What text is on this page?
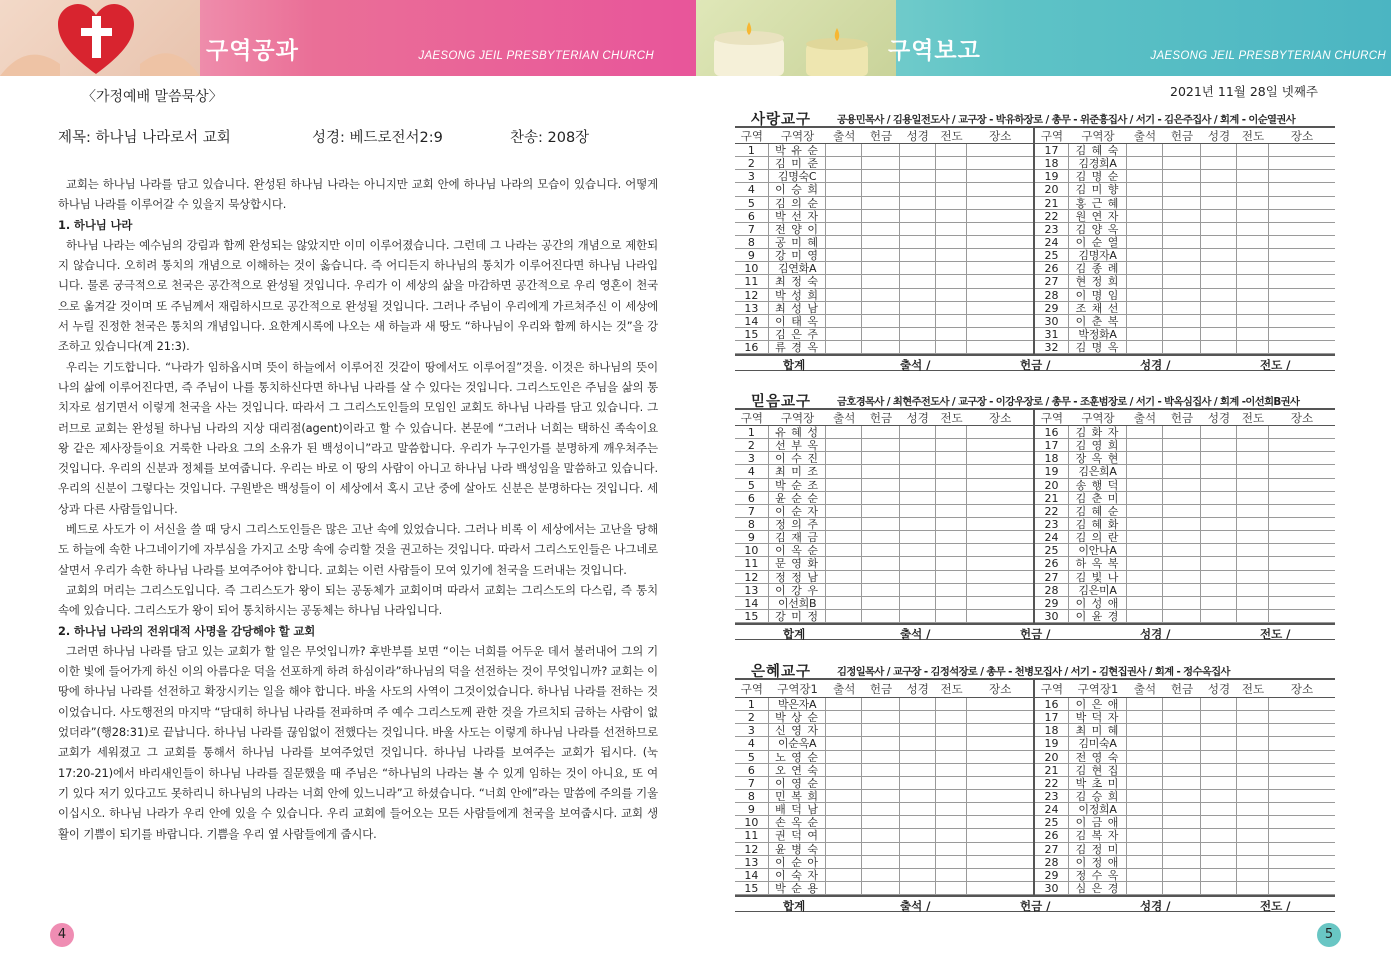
구역공과	JAESONG JEIL PRESBYTERIAN CHURCH	구역보고	JAESONG JEIL PRESBYTERIAN CHURCH
〈가정예배 말씀묵상〉
제목: 하나님 나라로서 교회	성경: 베드로전서2:9	찬송: 208장

교회는 하나님 나라를 담고 있습니다. 완성된 하나님 나라는 아니지만 교회 안에 하나님 나라의 모습이 있습니다. 어떻게 하나님 나라를 이루어갈 수 있을지 묵상합시다.

1. 하나님 나라

하나님 나라는 예수님의 강림과 함께 완성되는 않았지만 이미 이루어졌습니다. 그런데 그 나라는 공간의 개념으로 제한되지 않습니다. 오히려 통치의 개념으로 이해하는 것이 옳습니다. 즉 어디든지 하나님의 통치가 이루어진다면 하나님 나라입니다. 물론 궁극적으로 천국은 공간적으로 완성될 것입니다. 우리가 이 세상의 삶을 마감하면 공간적으로 우리 영혼이 천국으로 옮겨갈 것이며 또 주님께서 재림하시므로 공간적으로 완성될 것입니다. 그러나 주님이 우리에게 가르쳐주신 이 세상에서 누릴 진정한 천국은 통치의 개념입니다. 요한계시록에 나오는 새 하늘과 새 땅도 “하나님이 우리와 함께 하시는 것”을 강조하고 있습니다(계 21:3).

우리는 기도합니다. “나라가 임하옵시며 뜻이 하늘에서 이루어진 것같이 땅에서도 이루어질”것을. 이것은 하나님의 뜻이 나의 삶에 이루어진다면, 즉 주님이 나를 통치하신다면 하나님 나라를 살 수 있다는 것입니다. 그리스도인은 주님을 삶의 통치자로 섬기면서 이렇게 천국을 사는 것입니다. 따라서 그 그리스도인들의 모임인 교회도 하나님 나라를 담고 있습니다. 그러므로 교회는 완성될 하나님 나라의 지상 대리점(agent)이라고 할 수 있습니다. 본문에 “그러나 너희는 택하신 족속이요 왕 같은 제사장들이요 거룩한 나라요 그의 소유가 된 백성이니”라고 말씀합니다. 우리가 누구인가를 분명하게 깨우쳐주는 것입니다. 우리의 신분과 정체를 보여줍니다. 우리는 바로 이 땅의 사람이 아니고 하나님 나라 백성임을 말씀하고 있습니다. 우리의 신분이 그렇다는 것입니다. 구원받은 백성들이 이 세상에서 혹시 고난 중에 살아도 신분은 분명하다는 것입니다. 세상과 다른 사람들입니다.

베드로 사도가 이 서신을 쓸 때 당시 그리스도인들은 많은 고난 속에 있었습니다. 그러나 비록 이 세상에서는 고난을 당해도 하늘에 속한 나그네이기에 자부심을 가지고 소망 속에 승리할 것을 권고하는 것입니다. 따라서 그리스도인들은 나그네로 살면서 우리가 속한 하나님 나라를 보여주어야 합니다. 교회는 이런 사람들이 모여 있기에 천국을 드러내는 것입니다.

교회의 머리는 그리스도입니다. 즉 그리스도가 왕이 되는 공동체가 교회이며 따라서 교회는 그리스도의 다스림, 즉 통치 속에 있습니다. 그리스도가 왕이 되어 통치하시는 공동체는 하나님 나라입니다.

2. 하나님 나라의 전위대적 사명을 감당해야 할 교회

그러면 하나님 나라를 담고 있는 교회가 할 일은 무엇입니까? 후반부를 보면 “이는 너희를 어두운 데서 불러내어 그의 기이한 빛에 들어가게 하신 이의 아름다운 덕을 선포하게 하려 하심이라”하나님의 덕을 선전하는 것이 무엇입니까? 교회는 이 땅에 하나님 나라를 선전하고 확장시키는 일을 해야 합니다. 바울 사도의 사역이 그것이었습니다. 하나님 나라를 전하는 것이었습니다. 사도행전의 마지막 “담대히 하나님 나라를 전파하며 주 예수 그리스도께 관한 것을 가르치되 금하는 사람이 없었더라”(행28:31)로 끝납니다. 하나님 나라를 끊임없이 전했다는 것입니다. 바울 사도는 이렇게 하나님 나라를 선전하므로 교회가 세워졌고 그 교회를 통해서 하나님 나라를 보여주었던 것입니다. 하나님 나라를 보여주는 교회가 됩시다. (눅 17:20-21)에서 바리새인들이 하나님 나라를 질문했을 때 주님은 “하나님의 나라는 볼 수 있게 임하는 것이 아니요, 또 여기 있다 저기 있다고도 못하리니 하나님의 나라는 너희 안에 있느니라”고 하셨습니다. “너희 안에”라는 말씀에 주의를 기울이십시오. 하나님 나라가 우리 안에 있을 수 있습니다. 우리 교회에 들어오는 모든 사람들에게 천국을 보여줍시다. 교회 생활이 기쁨이 되기를 바랍니다. 기쁨을 우리 옆 사람들에게 줍시다.

4
2021년 11월 28일 넷째주
사랑교구	공용민목사 / 김용일전도사 / 교구장 - 박유하장로 / 총무 - 위준흥집사 / 서기 - 김은주집사 / 회계 - 이순열권사
구역	구역장	출석	헌금	성경	전도	장소
1	박 유 순
2	김 미 준
3	김명숙C
4	이 승 희
5	김 의 순
6	박 선 자
7	전 양 이
8	공 미 혜
9	강 미 영
10	김연화A
11	최 정 숙
12	박 성 희
13	최 성 남
14	이 태 옥
15	김 은 주
16	류 경 옥
구역	구역장	출석	헌금	성경	전도	장소
17	김 혜 숙
18	김경희A
19	김 명 순
20	김 미 향
21	홍 근 혜
22	원 연 자
23	김 양 옥
24	이 순 열
25	김명자A
26	김 종 례
27	현 정 희
28	이 명 임
29	조 채 선
30	이 춘 복
31	박정화A
32	김 명 옥
합계	출석 /	헌금 /	성경 /	전도 /
믿음교구	금호경목사 / 최현주전도사 / 교구장 - 이강우장로 / 총무 - 조훈범장로 / 서기 - 박옥심집사 / 회계 -이선희B권사
구역	구역장	출석	헌금	성경	전도	장소
1	유 혜 성
2	선 부 옥
3	이 수 진
4	최 미 조
5	박 순 조
6	윤 순 순
7	이 순 자
8	정 의 주
9	김 재 금
10	이 옥 순
11	문 영 화
12	정 정 남
13	이 강 우
14	이선희B
15	강 미 정
구역	구역장	출석	헌금	성경	전도	장소
16	김 화 자
17	김 영 희
18	장 옥 현
19	김은희A
20	송 행 덕
21	김 춘 미
22	김 혜 순
23	김 혜 화
24	김 의 란
25	이안나A
26	하 옥 복
27	김 빛 나
28	김은미A
29	이 성 애
30	이 윤 경
합계	출석 /	헌금 /	성경 /	전도 /
은혜교구	김정일목사 / 교구장 - 김정석장로 / 총무 - 천병모집사 / 서기 - 김현집권사 / 회계 - 정수옥집사
구역	구역장1	출석	헌금	성경	전도	장소
1	박은자A
2	박 상 순
3	신 영 자
4	이순옥A
5	노 영 순
6	오 연 숙
7	이 영 순
8	민 복 희
9	배 덕 남
10	손 옥 순
11	권 덕 여
12	윤 병 숙
13	이 순 아
14	이 숙 자
15	박 순 용
구역	구역장1	출석	헌금	성경	전도	장소
16	이 은 애
17	박 덕 자
18	최 미 혜
19	김미숙A
20	전 영 숙
21	김 현 집
22	박 초 미
23	김 승 희
24	이정희A
25	이 금 애
26	김 복 자
27	김 정 미
28	이 정 애
29	정 수 옥
30	심 은 경
합계	출석 /	헌금 /	성경 /	전도 /
5
